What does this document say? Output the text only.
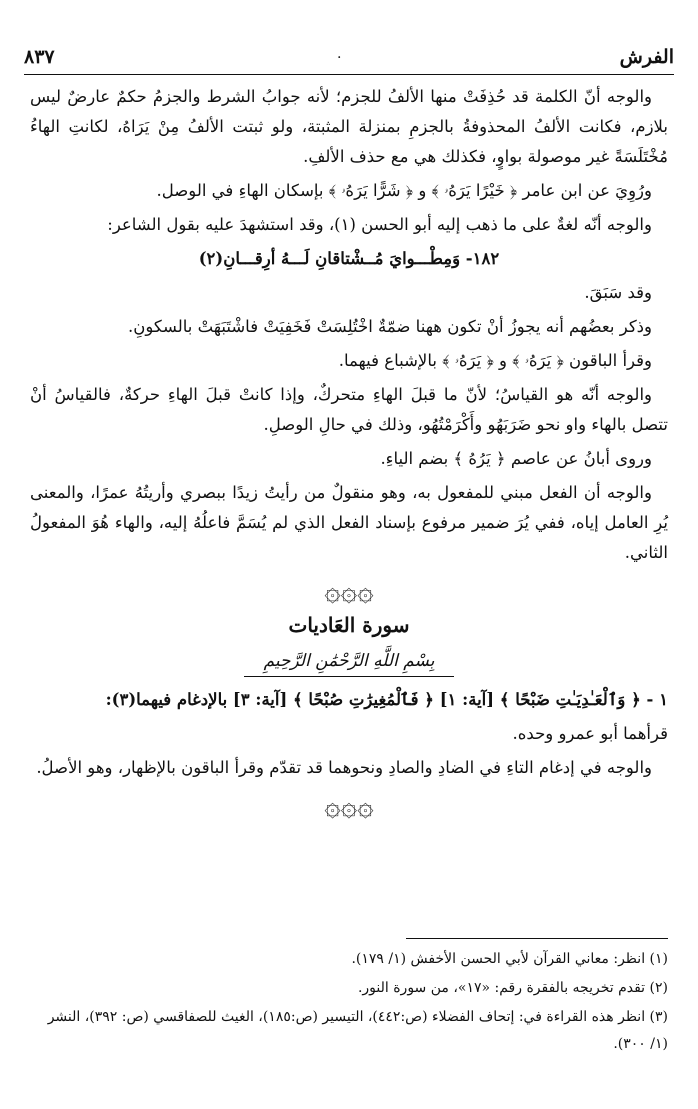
الفرش
٨٣٧	.

والوجه أنّ الكلمة قد حُذِفَتْ منها الألفُ للجزم؛ لأنه جوابُ الشرط والجزمُ حكمٌ عارضٌ ليس بلازم، فكانت الألفُ المحذوفةُ بالجزمِ بمنزلة المثبتة، ولو ثبتت الألفُ مِنْ يَرَاهُ، لكانتِ الهاءُ مُخْتَلَسَةً غير موصولة بواوٍ، فكذلك هي مع حذف الألفِ.

ورُوِيَ عن ابن عامر ﴿ خَيْرًا يَرَهُۥ ﴾ و ﴿ شَرًّا يَرَهُۥ ﴾ بإسكان الهاءِ في الوصل.

والوجه أنّه لغةٌ على ما ذهب إليه أبو الحسن (١)، وقد استشهدَ عليه بقول الشاعر:

١٨٢- وَمِطْـــوايَ مُــشْتاقانِ لَـــهُ أرِقـــانِ(٢)

وقد سَبَقَ.

وذكر بعضُهم أنه يجوزُ أنْ تكون ههنا ضمّةٌ اخْتُلِسَتْ فَخَفِيَتْ فاشْتَبَهَتْ بالسكونِ.

وقرأ الباقون ﴿ يَرَهُۥ ﴾ و ﴿ يَرَهُۥ ﴾ بالإشباع فيهما.

والوجه أنّه هو القياسُ؛ لأنّ ما قبلَ الهاءِ متحركٌ، وإذا كانتْ قبلَ الهاءِ حركةٌ، فالقياسُ أنْ تتصل بالهاء واو نحو ضَرَبَهُو وأَكْرَمْتُهُو، وذلك في حالِ الوصلِ.

وروى أبانُ عن عاصم ﴿ يَرُهُ ﴾ بضم الياءِ.

والوجه أن الفعل مبني للمفعول به، وهو منقولٌ من رأيتُ زيدًا ببصري وأريتُهُ عمرًا، والمعنى يُرِ العامل إياه، ففي يُرَ ضمير مرفوع بإسناد الفعل الذي لم يُسَمَّ فاعلُهُ إليه، والهاء هُوَ المفعولُ الثاني.

۞۞۞
سورة العَاديات
بِسْمِ اللَّهِ الرَّحْمَٰنِ الرَّحِيمِ

١ - ﴿ وَٱلْعَـٰدِيَـٰتِ ضَبْحًا ﴾ [آية: ١] ﴿ فَٱلْمُغِيرَٰتِ صُبْحًا ﴾ [آية: ٣] بالإدغام فيهما(٣):

قرأهما أبو عمرو وحده.

والوجه في إدغام التاءِ في الضادِ والصادِ ونحوهما قد تقدّم وقرأ الباقون بالإظهار، وهو الأصلُ.

۞۞۞

(١) انظر: معاني القرآن لأبي الحسن الأخفش (١/ ١٧٩).

(٢) تقدم تخريجه بالفقرة رقم: «١٧»، من سورة النور.

(٣) انظر هذه القراءة في: إتحاف الفضلاء (ص:٤٤٢)، التيسير (ص:١٨٥)، الغيث للصفاقسي (ص: ٣٩٢)، النشر (١/ ٣٠٠).
